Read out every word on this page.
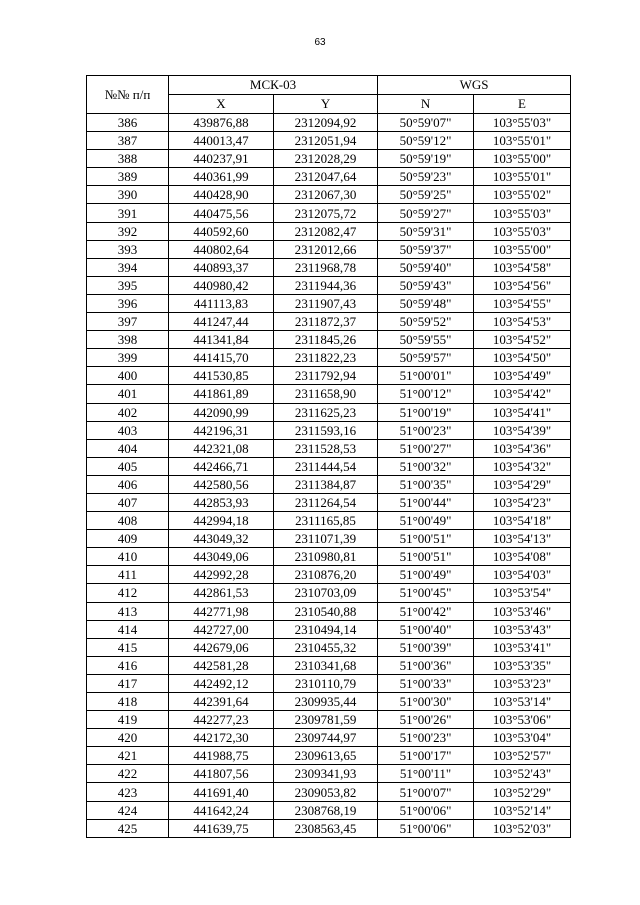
63
№№ п/п	МСК-03		WGS	
	X	Y	N	E
386	439876,88	2312094,92	50°59'07"	103°55'03"
387	440013,47	2312051,94	50°59'12"	103°55'01"
388	440237,91	2312028,29	50°59'19"	103°55'00"
389	440361,99	2312047,64	50°59'23"	103°55'01"
390	440428,90	2312067,30	50°59'25"	103°55'02"
391	440475,56	2312075,72	50°59'27"	103°55'03"
392	440592,60	2312082,47	50°59'31"	103°55'03"
393	440802,64	2312012,66	50°59'37"	103°55'00"
394	440893,37	2311968,78	50°59'40"	103°54'58"
395	440980,42	2311944,36	50°59'43"	103°54'56"
396	441113,83	2311907,43	50°59'48"	103°54'55"
397	441247,44	2311872,37	50°59'52"	103°54'53"
398	441341,84	2311845,26	50°59'55"	103°54'52"
399	441415,70	2311822,23	50°59'57"	103°54'50"
400	441530,85	2311792,94	51°00'01"	103°54'49"
401	441861,89	2311658,90	51°00'12"	103°54'42"
402	442090,99	2311625,23	51°00'19"	103°54'41"
403	442196,31	2311593,16	51°00'23"	103°54'39"
404	442321,08	2311528,53	51°00'27"	103°54'36"
405	442466,71	2311444,54	51°00'32"	103°54'32"
406	442580,56	2311384,87	51°00'35"	103°54'29"
407	442853,93	2311264,54	51°00'44"	103°54'23"
408	442994,18	2311165,85	51°00'49"	103°54'18"
409	443049,32	2311071,39	51°00'51"	103°54'13"
410	443049,06	2310980,81	51°00'51"	103°54'08"
411	442992,28	2310876,20	51°00'49"	103°54'03"
412	442861,53	2310703,09	51°00'45"	103°53'54"
413	442771,98	2310540,88	51°00'42"	103°53'46"
414	442727,00	2310494,14	51°00'40"	103°53'43"
415	442679,06	2310455,32	51°00'39"	103°53'41"
416	442581,28	2310341,68	51°00'36"	103°53'35"
417	442492,12	2310110,79	51°00'33"	103°53'23"
418	442391,64	2309935,44	51°00'30"	103°53'14"
419	442277,23	2309781,59	51°00'26"	103°53'06"
420	442172,30	2309744,97	51°00'23"	103°53'04"
421	441988,75	2309613,65	51°00'17"	103°52'57"
422	441807,56	2309341,93	51°00'11"	103°52'43"
423	441691,40	2309053,82	51°00'07"	103°52'29"
424	441642,24	2308768,19	51°00'06"	103°52'14"
425	441639,75	2308563,45	51°00'06"	103°52'03"
